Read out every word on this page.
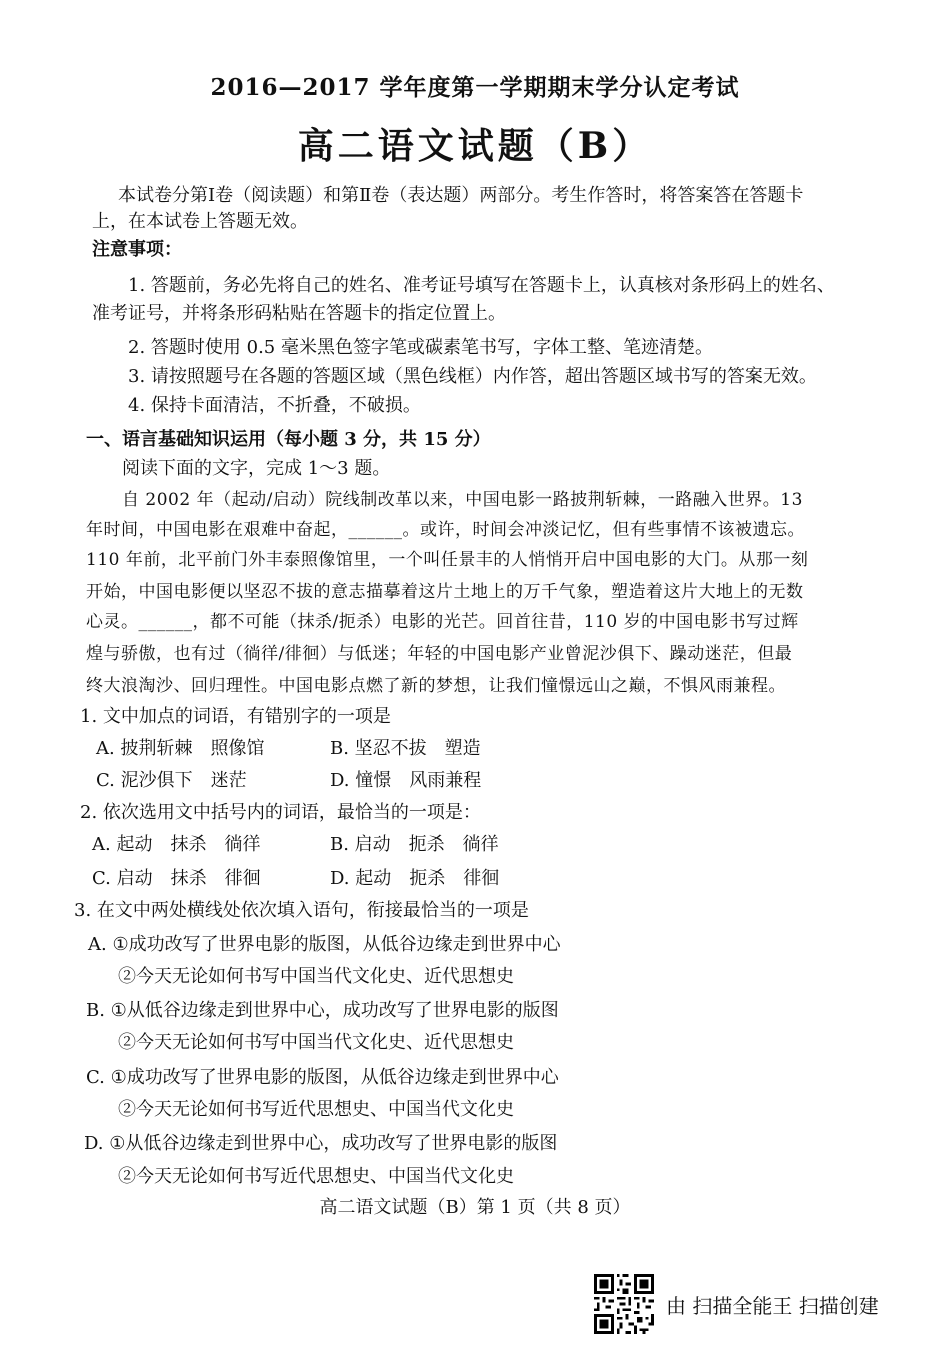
2016—2017 学年度第一学期期末学分认定考试
高二语文试题（B）
本试卷分第Ⅰ卷（阅读题）和第Ⅱ卷（表达题）两部分。考生作答时，将答案答在答题卡
上，在本试卷上答题无效。
注意事项：
1. 答题前，务必先将自己的姓名、准考证号填写在答题卡上，认真核对条形码上的姓名、
准考证号，并将条形码粘贴在答题卡的指定位置上。
2. 答题时使用 0.5 毫米黑色签字笔或碳素笔书写，字体工整、笔迹清楚。
3. 请按照题号在各题的答题区域（黑色线框）内作答，超出答题区域书写的答案无效。
4. 保持卡面清洁，不折叠，不破损。
一、语言基础知识运用（每小题 3 分，共 15 分）
阅读下面的文字，完成 1～3 题。
自 2002 年（起动/启动）院线制改革以来，中国电影一路披荆斩棘，一路融入世界。13
年时间，中国电影在艰难中奋起，______。或许，时间会冲淡记忆，但有些事情不该被遗忘。
110 年前，北平前门外丰泰照像馆里，一个叫任景丰的人悄悄开启中国电影的大门。从那一刻
开始，中国电影便以坚忍不拔的意志描摹着这片土地上的万千气象，塑造着这片大地上的无数
心灵。______，都不可能（抹杀/扼杀）电影的光芒。回首往昔，110 岁的中国电影书写过辉
煌与骄傲，也有过（徜徉/徘徊）与低迷；年轻的中国电影产业曾泥沙俱下、躁动迷茫，但最
终大浪淘沙、回归理性。中国电影点燃了新的梦想，让我们憧憬远山之巅，不惧风雨兼程。
1. 文中加点的词语，有错别字的一项是
A. 披荆斩棘　照像馆	B. 坚忍不拔　塑造
C. 泥沙俱下　迷茫	D. 憧憬　风雨兼程
2. 依次选用文中括号内的词语，最恰当的一项是：
A. 起动　抹杀　徜徉	B. 启动　扼杀　徜徉
C. 启动　抹杀　徘徊	D. 起动　扼杀　徘徊
3. 在文中两处横线处依次填入语句，衔接最恰当的一项是
A. ①成功改写了世界电影的版图，从低谷边缘走到世界中心
②今天无论如何书写中国当代文化史、近代思想史
B. ①从低谷边缘走到世界中心，成功改写了世界电影的版图
②今天无论如何书写中国当代文化史、近代思想史
C. ①成功改写了世界电影的版图，从低谷边缘走到世界中心
②今天无论如何书写近代思想史、中国当代文化史
D. ①从低谷边缘走到世界中心，成功改写了世界电影的版图
②今天无论如何书写近代思想史、中国当代文化史
高二语文试题（B）第 1 页（共 8 页）
由 扫描全能王 扫描创建
